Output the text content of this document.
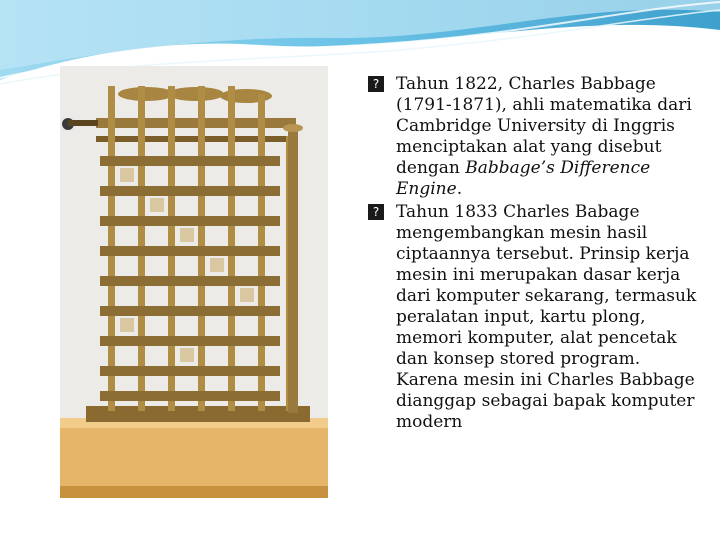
? Tahun 1822, Charles Babbage (1791-1871), ahli matematika dari Cambridge University di Inggris menciptakan alat yang disebut dengan Babbage’s Difference Engine.

? Tahun 1833 Charles Babage mengembangkan mesin hasil ciptaannya tersebut. Prinsip kerja mesin ini merupakan dasar kerja dari komputer sekarang, termasuk peralatan input, kartu plong, memori komputer, alat pencetak dan konsep stored program. Karena mesin ini Charles Babbage dianggap sebagai bapak komputer modern
